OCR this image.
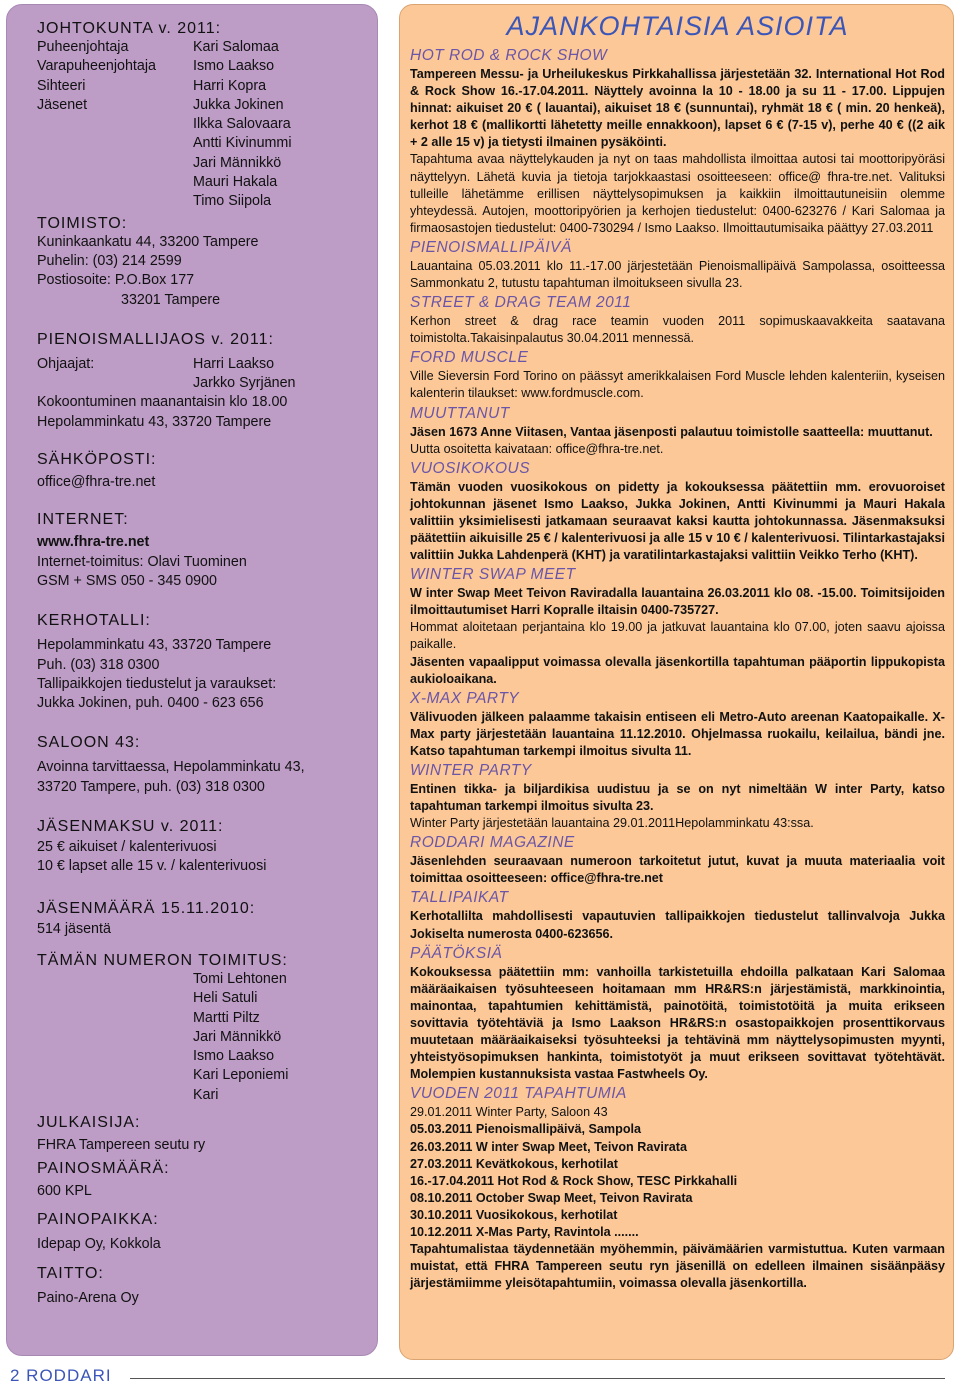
JOHTOKUNTA v. 2011:

Puheenjohtaja	Kari Salomaa
Varapuheenjohtaja	Ismo Laakso
Sihteeri	Harri Kopra
Jäsenet	Jukka Jokinen

Ilkka Salovaara

Antti Kivinummi

Jari Männikkö

Mauri Hakala

Timo Siipola

TOIMISTO:

Kuninkaankatu 44, 33200 Tampere

Puhelin: (03) 214 2599

Postiosoite: P.O.Box 177

33201 Tampere

PIENOISMALLIJAOS v. 2011:

Ohjaajat:	Harri Laakso

Jarkko Syrjänen

Kokoontuminen maanantaisin klo 18.00

Hepolamminkatu 43, 33720 Tampere

SÄHKÖPOSTI:

office@fhra-tre.net

INTERNET:

www.fhra-tre.net

Internet-toimitus: Olavi Tuominen

GSM + SMS 050 - 345 0900

KERHOTALLI:

Hepolamminkatu 43, 33720 Tampere

Puh. (03) 318 0300

Tallipaikkojen tiedustelut ja varaukset:

Jukka Jokinen, puh. 0400 - 623 656

SALOON 43:

Avoinna tarvittaessa, Hepolamminkatu 43,

33720 Tampere, puh. (03) 318 0300

JÄSENMAKSU v. 2011:

25 € aikuiset / kalenterivuosi

10 € lapset alle 15 v. / kalenterivuosi

JÄSENMÄÄRÄ 15.11.2010:

514 jäsentä

TÄMÄN NUMERON TOIMITUS:

Tomi Lehtonen

Heli Satuli

Martti Piltz

Jari Männikkö

Ismo Laakso

Kari Leponiemi

Kari

JULKAISIJA:

FHRA Tampereen seutu ry

PAINOSMÄÄRÄ:

600 KPL

PAINOPAIKKA:

Idepap Oy, Kokkola

TAITTO:

Paino-Arena Oy

AJANKOHTAISIA ASIOITA

HOT ROD & ROCK SHOW

Tampereen Messu- ja Urheilukeskus Pirkkahallissa järjestetään 32. International Hot Rod & Rock Show 16.-17.04.2011. Näyttely avoinna la 10 - 18.00 ja su 11 - 17.00. Lippujen hinnat: aikuiset 20 € ( lauantai), aikuiset 18 € (sunnuntai), ryhmät 18 € ( min. 20 henkeä), kerhot 18 € (mallikortti lähetetty meille ennakkoon), lapset 6 € (7-15 v), perhe 40 € ((2 aik + 2 alle 15 v) ja tietysti ilmainen pysäköinti.

Tapahtuma avaa näyttelykauden ja nyt on taas mahdollista ilmoittaa autosi tai moottoripyöräsi näyttelyyn. Lähetä kuvia ja tietoja tarjokkaastasi osoitteeseen: office@ fhra-tre.net. Valituksi tulleille lähetämme erillisen näyttelysopimuksen ja kaikkiin ilmoittautuneisiin olemme yhteydessä. Autojen, moottoripyörien ja kerhojen tiedustelut: 0400-623276 / Kari Salomaa ja firmaosastojen tiedustelut: 0400-730294 / Ismo Laakso. Ilmoittautumisaika päättyy 27.03.2011

PIENOISMALLIPÄIVÄ

Lauantaina 05.03.2011 klo 11.-17.00 järjestetään Pienoismallipäivä Sampolassa, osoitteessa Sammonkatu 2, tutustu tapahtuman ilmoitukseen sivulla 23.

STREET & DRAG TEAM 2011

Kerhon street & drag race teamin vuoden 2011 sopimuskaavakkeita saatavana toimistolta.Takaisinpalautus 30.04.2011 mennessä.

FORD MUSCLE

Ville Sieversin Ford Torino on päässyt amerikkalaisen Ford Muscle lehden kalenteriin, kyseisen kalenterin tilaukset: www.fordmuscle.com.

MUUTTANUT

Jäsen 1673 Anne Viitasen, Vantaa jäsenposti palautuu toimistolle saatteella: muuttanut.

Uutta osoitetta kaivataan: office@fhra-tre.net.

VUOSIKOKOUS

Tämän vuoden vuosikokous on pidetty ja kokouksessa päätettiin mm. erovuoroiset johtokunnan jäsenet Ismo Laakso, Jukka Jokinen, Antti Kivinummi ja Mauri Hakala valittiin yksimielisesti jatkamaan seuraavat kaksi kautta johtokunnassa. Jäsenmaksuksi päätettiin aikuisille 25 € / kalenterivuosi ja alle 15 v 10 € / kalenterivuosi. Tilintarkastajaksi valittiin Jukka Lahdenperä (KHT) ja varatilintarkastajaksi valittiin Veikko Terho (KHT).

WINTER SWAP MEET

W inter Swap Meet Teivon Raviradalla lauantaina 26.03.2011 klo 08. -15.00. Toimitsijoiden ilmoittautumiset Harri Kopralle iltaisin 0400-735727.

Hommat aloitetaan perjantaina klo 19.00 ja jatkuvat lauantaina klo 07.00, joten saavu ajoissa paikalle.

Jäsenten vapaalipput voimassa olevalla jäsenkortilla tapahtuman pääportin lippukopista aukioloaikana.

X-MAX PARTY

Välivuoden jälkeen palaamme takaisin entiseen eli Metro-Auto areenan Kaatopaikalle. X-Max party järjestetään lauantaina 11.12.2010. Ohjelmassa ruokailu, keilailua, bändi jne. Katso tapahtuman tarkempi ilmoitus sivulta 11.

WINTER PARTY

Entinen tikka- ja biljardikisa uudistuu ja se on nyt nimeltään W inter Party, katso tapahtuman tarkempi ilmoitus sivulta 23.

Winter Party järjestetään lauantaina 29.01.2011Hepolamminkatu 43:ssa.

RODDARI MAGAZINE

Jäsenlehden seuraavaan numeroon tarkoitetut jutut, kuvat ja muuta materiaalia voit toimittaa osoitteeseen: office@fhra-tre.net

TALLIPAIKAT

Kerhotallilta mahdollisesti vapautuvien tallipaikkojen tiedustelut tallinvalvoja Jukka Jokiselta numerosta 0400-623656.

PÄÄTÖKSIÄ

Kokouksessa päätettiin mm: vanhoilla tarkistetuilla ehdoilla palkataan Kari Salomaa määräaikaisen työsuhteeseen hoitamaan mm HR&RS:n järjestämistä, markkinointia, mainontaa, tapahtumien kehittämistä, painotöitä, toimistotöitä ja muita erikseen sovittavia työtehtäviä ja Ismo Laakson HR&RS:n osastopaikkojen prosenttikorvaus muutetaan määräaikaiseksi työsuhteeksi ja tehtävinä mm näyttelysopimusten myynti, yhteistyösopimuksen hankinta, toimistotyöt ja muut erikseen sovittavat työtehtävät. Molempien kustannuksista vastaa Fastwheels Oy.

VUODEN 2011 TAPAHTUMIA

29.01.2011 Winter Party, Saloon 43

05.03.2011 Pienoismallipäivä, Sampola

26.03.2011 W inter Swap Meet, Teivon Ravirata

27.03.2011 Kevätkokous, kerhotilat

16.-17.04.2011 Hot Rod & Rock Show, TESC Pirkkahalli

08.10.2011 October Swap Meet, Teivon Ravirata

30.10.2011 Vuosikokous, kerhotilat

10.12.2011 X-Mas Party, Ravintola .......

Tapahtumalistaa täydennetään myöhemmin, päivämäärien varmistuttua. Kuten varmaan muistat, että FHRA Tampereen seutu ryn jäsenillä on edelleen ilmainen sisäänpääsy järjestämiimme yleisötapahtumiin, voimassa olevalla jäsenkortilla.

2 RODDARI
